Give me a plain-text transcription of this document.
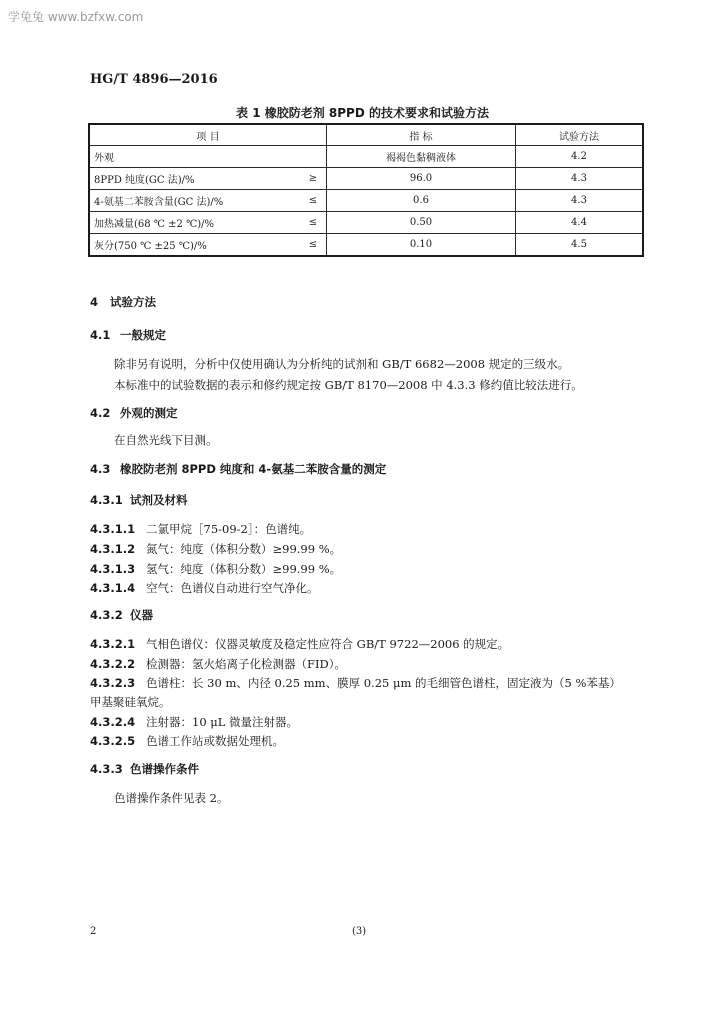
学兔兔 www.bzfxw.com
HG/T 4896—2016
表 1 橡胶防老剂 8PPD 的技术要求和试验方法
项 目		指 标	试验方法
外观		褐褐色黏稠液体	4.2
8PPD 纯度(GC 法)/%	≥	96.0	4.3
4-氨基二苯胺含量(GC 法)/%	≤	0.6	4.3
加热减量(68 ℃ ±2 ℃)/%	≤	0.50	4.4
灰分(750 ℃ ±25 ℃)/%	≤	0.10	4.5
4 试验方法
4.1 一般规定
除非另有说明，分析中仅使用确认为分析纯的试剂和 GB/T 6682—2008 规定的三级水。
本标准中的试验数据的表示和修约规定按 GB/T 8170—2008 中 4.3.3 修约值比较法进行。
4.2 外观的测定
在自然光线下目测。
4.3 橡胶防老剂 8PPD 纯度和 4-氨基二苯胺含量的测定
4.3.1 试剂及材料
4.3.1.1 二氯甲烷［75-09-2］：色谱纯。
4.3.1.2 氮气：纯度（体积分数）≥99.99 %。
4.3.1.3 氢气：纯度（体积分数）≥99.99 %。
4.3.1.4 空气：色谱仪自动进行空气净化。
4.3.2 仪器
4.3.2.1 气相色谱仪：仪器灵敏度及稳定性应符合 GB/T 9722—2006 的规定。
4.3.2.2 检测器：氢火焰离子化检测器（FID）。
4.3.2.3 色谱柱：长 30 m、内径 0.25 mm、膜厚 0.25 μm 的毛细管色谱柱，固定液为（5 %苯基）
甲基聚硅氧烷。
4.3.2.4 注射器：10 μL 微量注射器。
4.3.2.5 色谱工作站或数据处理机。
4.3.3 色谱操作条件
色谱操作条件见表 2。
2	(3)
